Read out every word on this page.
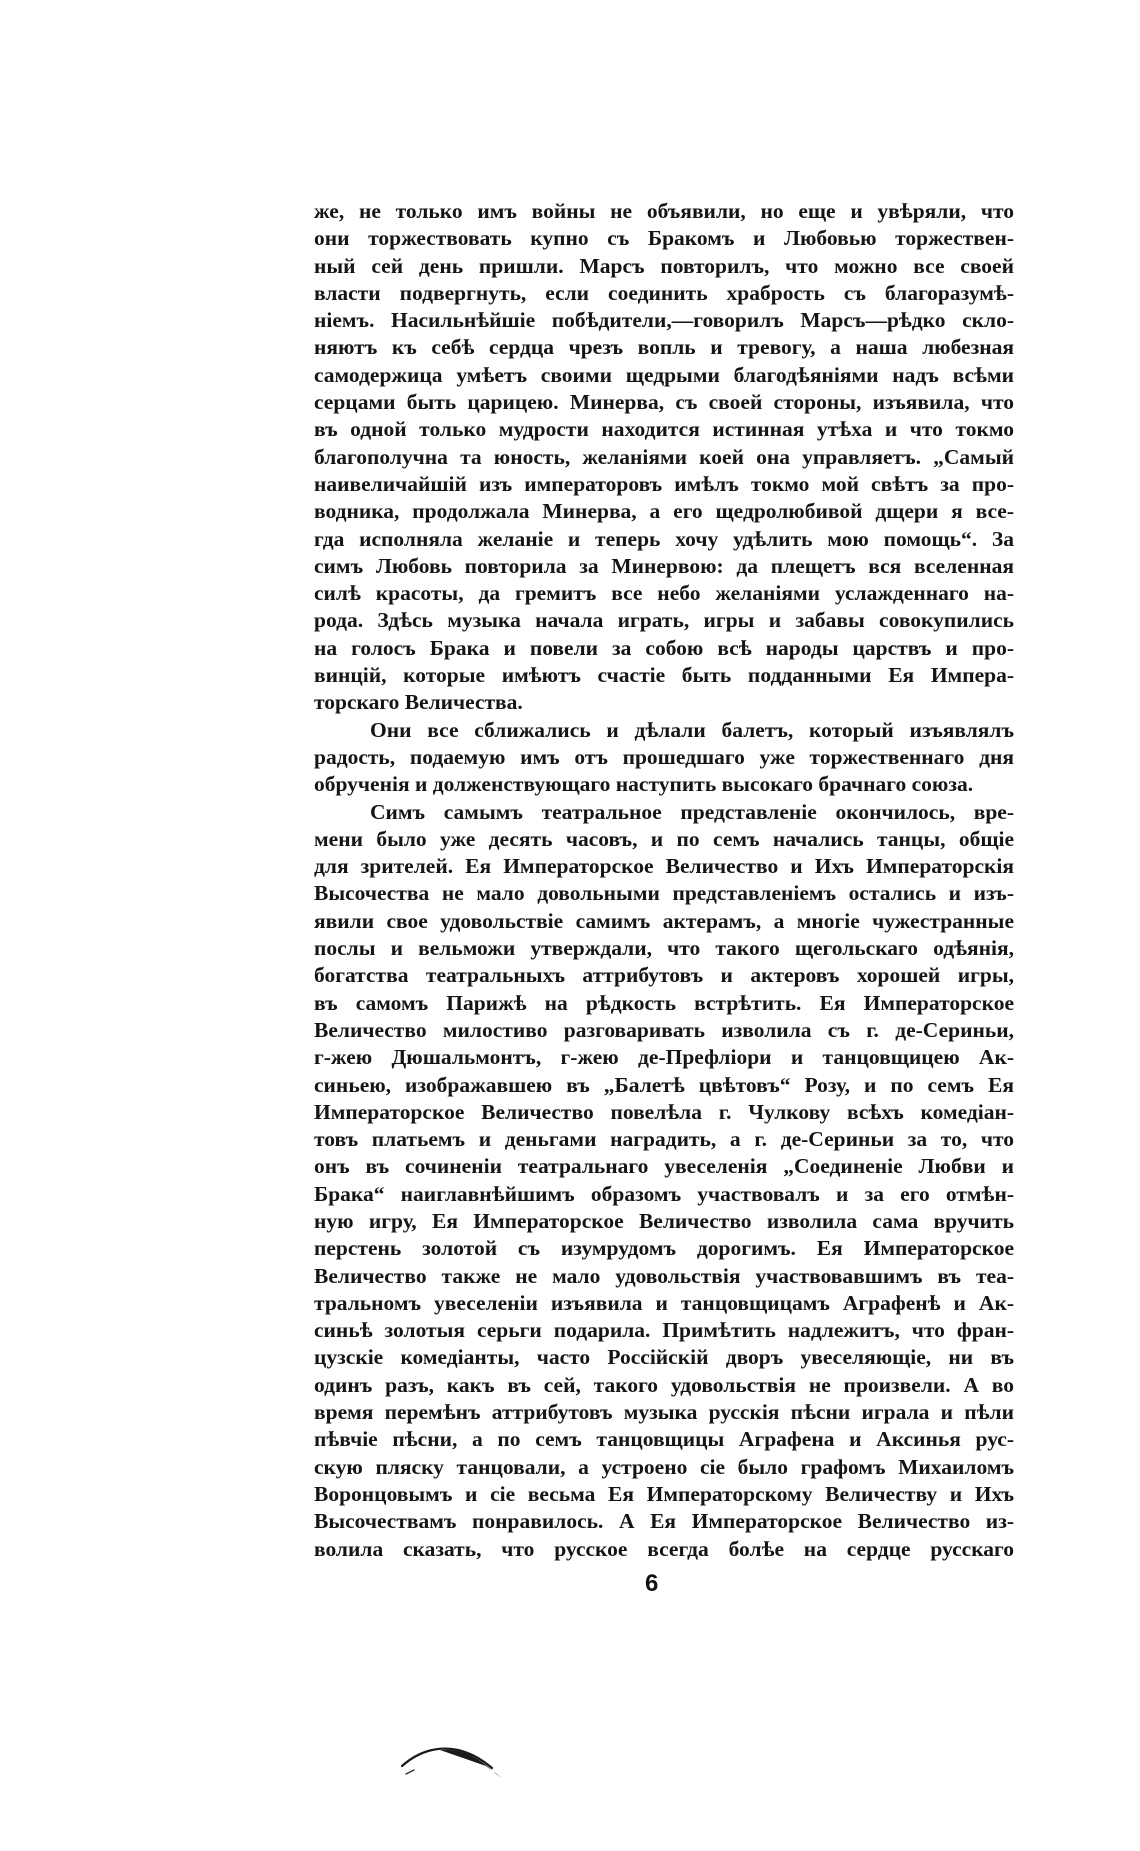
же, не только имъ войны не объявили, но еще и увѣряли, что
они торжествовать купно съ Бракомъ и Любовью торжествен-
ный сей день пришли. Марсъ повторилъ, что можно все своей
власти подвергнуть, если соединить храбрость съ благоразумѣ-
ніемъ. Насильнѣйшіе побѣдители,—говорилъ Марсъ—рѣдко скло-
няютъ къ себѣ сердца чрезъ вопль и тревогу, а наша любезная
самодержица умѣетъ своими щедрыми благодѣяніями надъ всѣми
серцами быть царицею. Минерва, съ своей стороны, изъявила, что
въ одной только мудрости находится истинная утѣха и что токмо
благополучна та юность, желаніями коей она управляетъ. „Самый
наивеличайшій изъ императоровъ имѣлъ токмо мой свѣтъ за про-
водника, продолжала Минерва, а его щедролюбивой дщери я все-
гда исполняла желаніе и теперь хочу удѣлить мою помощь“. За
симъ Любовь повторила за Минервою: да плещетъ вся вселенная
силѣ красоты, да гремитъ все небо желаніями услажденнаго на-
рода. Здѣсь музыка начала играть, игры и забавы совокупились
на голосъ Брака и повели за собою всѣ народы царствъ и про-
винцій, которые имѣютъ счастіе быть подданными Ея Импера-
торскаго Величества.
Они все сближались и дѣлали балетъ, который изъявлялъ
радость, подаемую имъ отъ прошедшаго уже торжественнаго дня
обрученія и долженствующаго наступить высокаго брачнаго союза.
Симъ самымъ театральное представленіе окончилось, вре-
мени было уже десять часовъ, и по семъ начались танцы, общіе
для зрителей. Ея Императорское Величество и Ихъ Императорскія
Высочества не мало довольными представленіемъ остались и изъ-
явили свое удовольствіе самимъ актерамъ, а многіе чужестранные
послы и вельможи утверждали, что такого щегольскаго одѣянія,
богатства театральныхъ аттрибутовъ и актеровъ хорошей игры,
въ самомъ Парижѣ на рѣдкость встрѣтить. Ея Императорское
Величество милостиво разговаривать изволила съ г. де-Сериньи,
г-жею Дюшальмонтъ, г-жею де-Префліори и танцовщицею Ак-
синьею, изображавшею въ „Балетѣ цвѣтовъ“ Розу, и по семъ Ея
Императорское Величество повелѣла г. Чулкову всѣхъ комедіан-
товъ платьемъ и деньгами наградить, а г. де-Сериньи за то, что
онъ въ сочиненіи театральнаго увеселенія „Соединеніе Любви и
Брака“ наиглавнѣйшимъ образомъ участвовалъ и за его отмѣн-
ную игру, Ея Императорское Величество изволила сама вручить
перстень золотой съ изумрудомъ дорогимъ. Ея Императорское
Величество также не мало удовольствія участвовавшимъ въ теа-
тральномъ увеселеніи изъявила и танцовщицамъ Аграфенѣ и Ак-
синьѣ золотыя серьги подарила. Примѣтить надлежитъ, что фран-
цузскіе комедіанты, часто Россійскій дворъ увеселяющіе, ни въ
одинъ разъ, какъ въ сей, такого удовольствія не произвели. А во
время перемѣнъ аттрибутовъ музыка русскія пѣсни играла и пѣли
пѣвчіе пѣсни, а по семъ танцовщицы Аграфена и Аксинья рус-
скую пляску танцовали, а устроено сіе было графомъ Михаиломъ
Воронцовымъ и сіе весьма Ея Императорскому Величеству и Ихъ
Высочествамъ понравилось. А Ея Императорское Величество из-
волила сказать, что русское всегда болѣе на сердце русскаго
6
